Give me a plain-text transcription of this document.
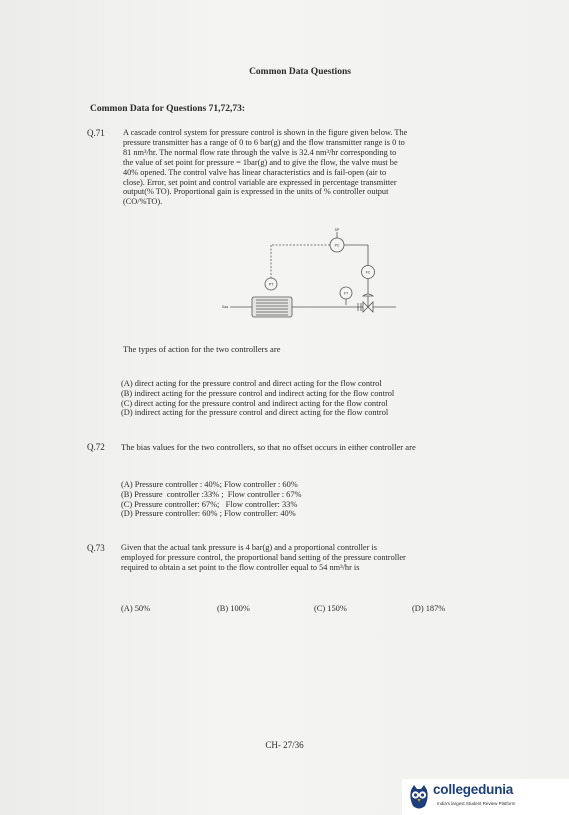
Common Data Questions
Common Data for Questions 71,72,73:
Q.71 A cascade control system for pressure control is shown in the figure given below. The
pressure transmitter has a range of 0 to 6 bar(g) and the flow transmitter range is 0 to
81 nm³/hr. The normal flow rate through the valve is 32.4 nm³/hr corresponding to
the value of set point for pressure = 1bar(g) and to give the flow, the valve must be
40% opened. The control valve has linear characteristics and is fail-open (air to
close). Error, set point and control variable are expressed in percentage transmitter
output(% TO). Proportional gain is expressed in the units of % controller output
(CO/%TO).
SP
PC
FC
PT
FT
Gas
The types of action for the two controllers are
(A) direct acting for the pressure control and direct acting for the flow control
(B) indirect acting for the pressure control and indirect acting for the flow control
(C) direct acting for the pressure control and indirect acting for the flow control
(D) indirect acting for the pressure control and direct acting for the flow control
Q.72 The bias values for the two controllers, so that no offset occurs in either controller are
(A) Pressure controller : 40%; Flow controller : 60%
(B) Pressure  controller :33% ;  Flow controller : 67%
(C) Pressure controller: 67%;   Flow controller: 33%
(D) Pressure controller: 60% ; Flow controller: 40%
Q.73 Given that the actual tank pressure is 4 bar(g) and a proportional controller is
employed for pressure control, the proportional band setting of the pressure controller
required to obtain a set point to the flow controller equal to 54 nm³/hr is
(A) 50%	(B) 100%	(C) 150%	(D) 187%
CH- 27/36
collegedunia
India's largest Student Review Platform
